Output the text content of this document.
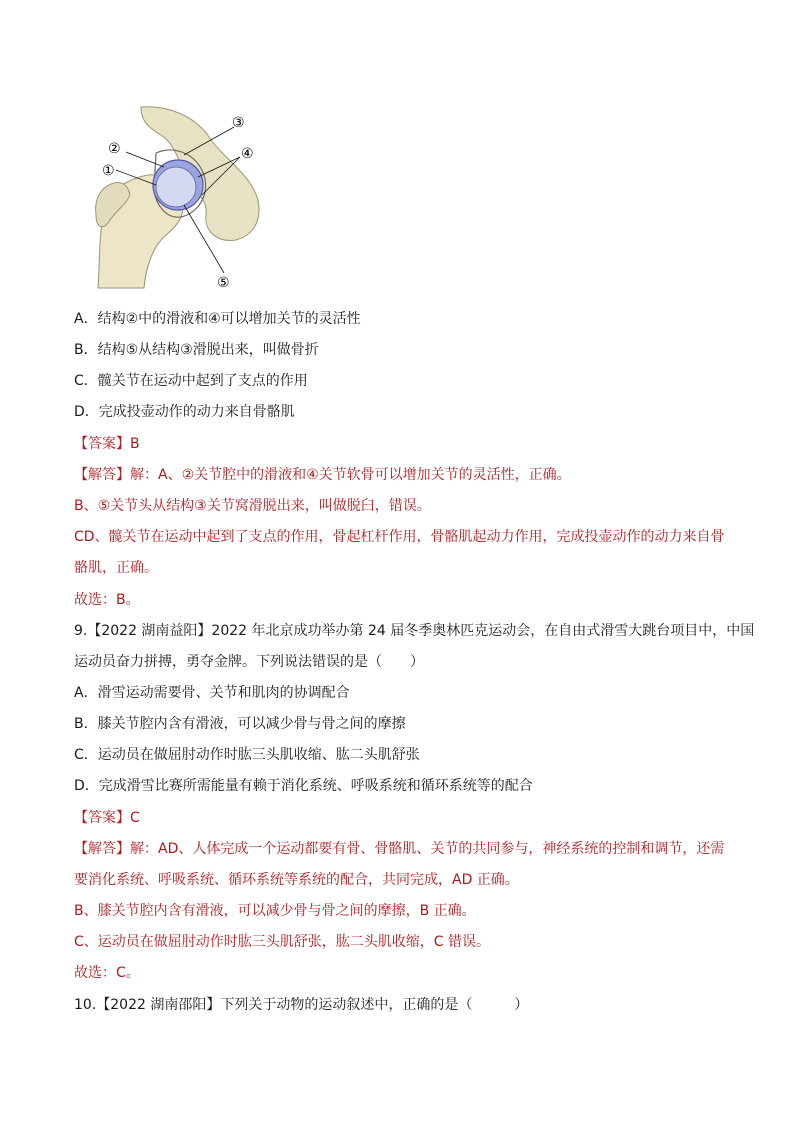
①
②
③
④
⑤
A．结构②中的滑液和④可以增加关节的灵活性
B．结构⑤从结构③滑脱出来，叫做骨折
C．髋关节在运动中起到了支点的作用
D．完成投壶动作的动力来自骨骼肌
【答案】B
【解答】解：A、②关节腔中的滑液和④关节软骨可以增加关节的灵活性，正确。
B、⑤关节头从结构③关节窝滑脱出来，叫做脱臼，错误。
CD、髋关节在运动中起到了支点的作用，骨起杠杆作用，骨骼肌起动力作用，完成投壶动作的动力来自骨
骼肌，正确。
故选：B。
9.【2022 湖南益阳】2022 年北京成功举办第 24 届冬季奥林匹克运动会，在自由式滑雪大跳台项目中，中国
运动员奋力拼搏，勇夺金牌。下列说法错误的是（　　）
A．滑雪运动需要骨、关节和肌肉的协调配合
B．膝关节腔内含有滑液，可以减少骨与骨之间的摩擦
C．运动员在做屈肘动作时肱三头肌收缩、肱二头肌舒张
D．完成滑雪比赛所需能量有赖于消化系统、呼吸系统和循环系统等的配合
【答案】C
【解答】解：AD、人体完成一个运动都要有骨、骨骼肌、关节的共同参与，神经系统的控制和调节，还需
要消化系统、呼吸系统、循环系统等系统的配合，共同完成，AD 正确。
B、膝关节腔内含有滑液，可以减少骨与骨之间的摩擦，B 正确。
C、运动员在做屈肘动作时肱三头肌舒张，肱二头肌收缩，C 错误。
故选：C。
10.【2022 湖南邵阳】下列关于动物的运动叙述中，正确的是（　　　）
